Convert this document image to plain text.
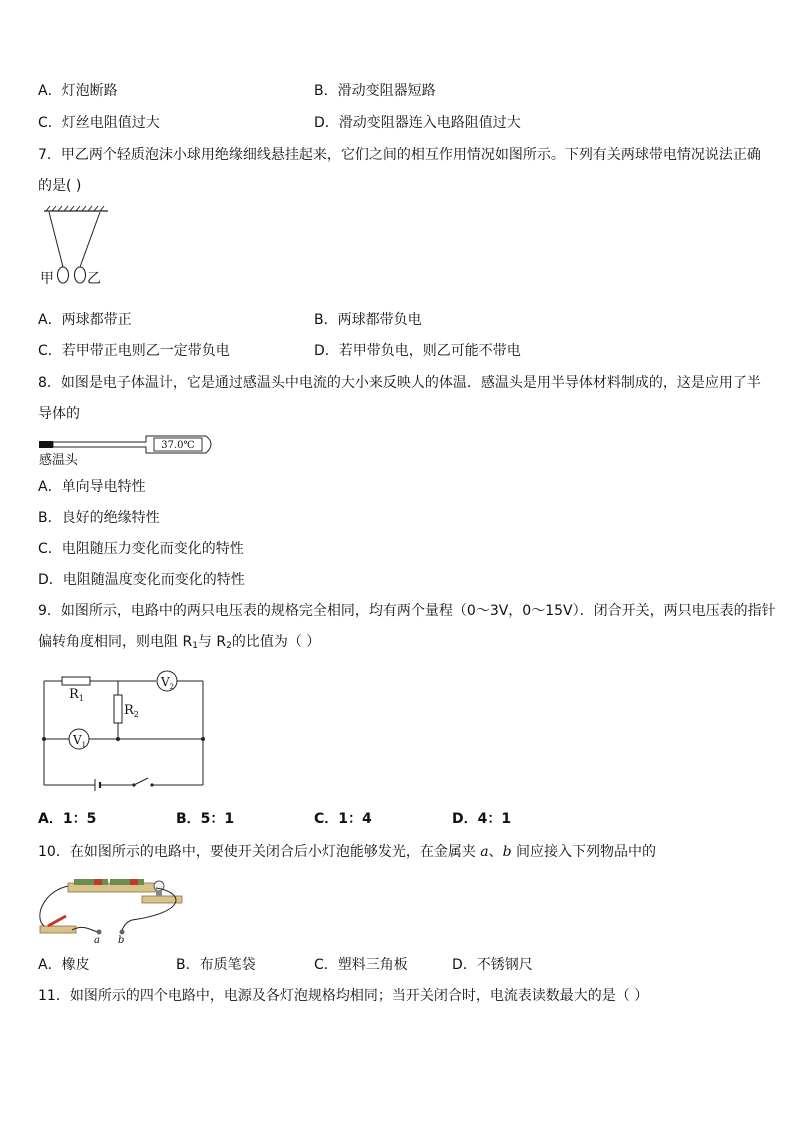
A．灯泡断路	B．滑动变阻器短路
C．灯丝电阻值过大	D．滑动变阻器连入电路阻值过大
7．甲乙两个轻质泡沫小球用绝缘细线悬挂起来，它们之间的相互作用情况如图所示。下列有关两球带电情况说法正确
的是( )
甲 乙
A．两球都带正	B．两球都带负电
C．若甲带正电则乙一定带负电	D．若甲带负电，则乙可能不带电
8．如图是电子体温计，它是通过感温头中电流的大小来反映人的体温．感温头是用半导体材料制成的，这是应用了半
导体的
37.0℃
感温头
A．单向导电特性
B．良好的绝缘特性
C．电阻随压力变化而变化的特性
D．电阻随温度变化而变化的特性
9．如图所示，电路中的两只电压表的规格完全相同，均有两个量程（0～3V，0～15V）．闭合开关，两只电压表的指针
偏转角度相同，则电阻 $R_1$与 $R_2$的比值为（ ）
$R_1$
$R_2$
$V_2$
$V_1$
A．1：5	B．5：1	C．1：4	D．4：1
10．在如图所示的电路中，要使开关闭合后小灯泡能够发光，在金属夹 a、b 间应接入下列物品中的
a b
A．橡皮	B．布质笔袋	C．塑料三角板	D．不锈钢尺
11．如图所示的四个电路中，电源及各灯泡规格均相同；当开关闭合时，电流表读数最大的是（ ）
